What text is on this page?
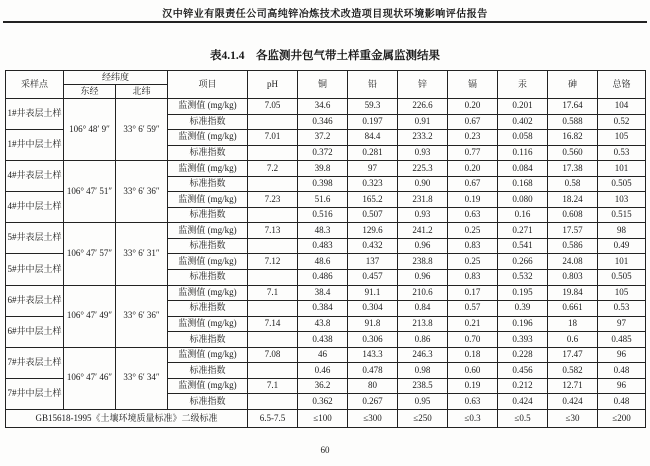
汉中锌业有限责任公司高纯锌冶炼技术改造项目现状环境影响评估报告
表4.1.4    各监测井包气带土样重金属监测结果
采样点	经纬度		项目	pH	铜	铅	锌	镉	汞	砷	总铬
	东经	北纬									
1#井表层土样	106° 48′ 9″	33° 6′ 59″	监测值 (mg/kg)	7.05	34.6	59.3	226.6	0.20	0.201	17.64	104
			标准指数		0.346	0.197	0.91	0.67	0.402	0.588	0.52
1#井中层土样			监测值 (mg/kg)	7.01	37.2	84.4	233.2	0.23	0.058	16.82	105
			标准指数		0.372	0.281	0.93	0.77	0.116	0.560	0.53
4#井表层土样	106° 47′ 51″	33° 6′ 36″	监测值 (mg/kg)	7.2	39.8	97	225.3	0.20	0.084	17.38	101
			标准指数		0.398	0.323	0.90	0.67	0.168	0.58	0.505
4#井中层土样			监测值 (mg/kg)	7.23	51.6	165.2	231.8	0.19	0.080	18.24	103
			标准指数		0.516	0.507	0.93	0.63	0.16	0.608	0.515
5#井表层土样	106° 47′ 57″	33° 6′ 31″	监测值 (mg/kg)	7.13	48.3	129.6	241.2	0.25	0.271	17.57	98
			标准指数		0.483	0.432	0.96	0.83	0.541	0.586	0.49
5#井中层土样			监测值 (mg/kg)	7.12	48.6	137	238.8	0.25	0.266	24.08	101
			标准指数		0.486	0.457	0.96	0.83	0.532	0.803	0.505
6#井表层土样	106° 47′ 49″	33° 6′ 36″	监测值 (mg/kg)	7.1	38.4	91.1	210.6	0.17	0.195	19.84	105
			标准指数		0.384	0.304	0.84	0.57	0.39	0.661	0.53
6#井中层土样			监测值 (mg/kg)	7.14	43.8	91.8	213.8	0.21	0.196	18	97
			标准指数		0.438	0.306	0.86	0.70	0.393	0.6	0.485
7#井表层土样	106° 47′ 46″	33° 6′ 34″	监测值 (mg/kg)	7.08	46	143.3	246.3	0.18	0.228	17.47	96
			标准指数		0.46	0.478	0.98	0.60	0.456	0.582	0.48
7#井中层土样			监测值 (mg/kg)	7.1	36.2	80	238.5	0.19	0.212	12.71	96
			标准指数		0.362	0.267	0.95	0.63	0.424	0.424	0.48
GB15618-1995《土壤环境质量标准》二级标准				6.5-7.5	≤100	≤300	≤250	≤0.3	≤0.5	≤30	≤200
60
